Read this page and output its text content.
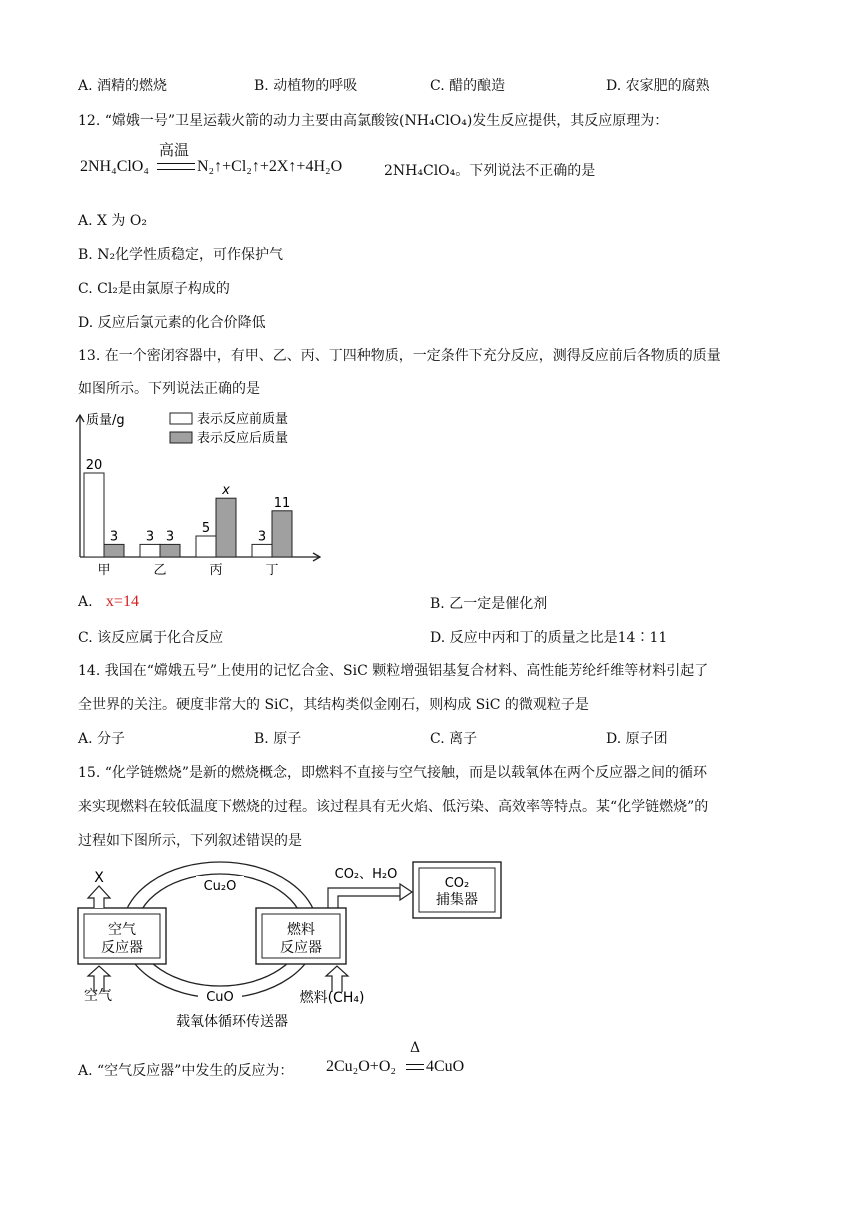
A. 酒精的燃烧	B. 动植物的呼吸	C. 醋的酿造	D. 农家肥的腐熟
12. “嫦娥一号”卫星运载火箭的动力主要由高氯酸铵(NH₄ClO₄)发生反应提供，其反应原理为：
2NH₄ClO₄
高温
N₂↑+Cl₂↑+2X↑+4H₂O	2NH₄ClO₄。下列说法不正确的是
A. X 为 O₂
B. N₂化学性质稳定，可作保护气
C. Cl₂是由氯原子构成的
D. 反应后氯元素的化合价降低
13. 在一个密闭容器中，有甲、乙、丙、丁四种物质，一定条件下充分反应，测得反应前后各物质的质量
如图所示。下列说法正确的是
质量/g	表示反应前质量
表示反应后质量
20
3
甲
3 3
乙
5
x
丙
3
11
丁
A. x=14	B. 乙一定是催化剂
C. 该反应属于化合反应	D. 反应中丙和丁的质量之比是14∶11
14. 我国在“嫦娥五号”上使用的记忆合金、SiC 颗粒增强铝基复合材料、高性能芳纶纤维等材料引起了
全世界的关注。硬度非常大的 SiC，其结构类似金刚石，则构成 SiC 的微观粒子是
A. 分子	B. 原子	C. 离子	D. 原子团
15. “化学链燃烧”是新的燃烧概念，即燃料不直接与空气接触，而是以载氧体在两个反应器之间的循环
来实现燃料在较低温度下燃烧的过程。该过程具有无火焰、低污染、高效率等特点。某“化学链燃烧”的
过程如下图所示，下列叙述错误的是
空气
反应器
燃料
反应器
Cu₂O
CuO
X
空气	燃料(CH₄)
CO₂、H₂O
CO₂
捕集器
载氧体循环传送器
A. “空气反应器”中发生的反应为： 2Cu₂O+O₂
Δ
4CuO
